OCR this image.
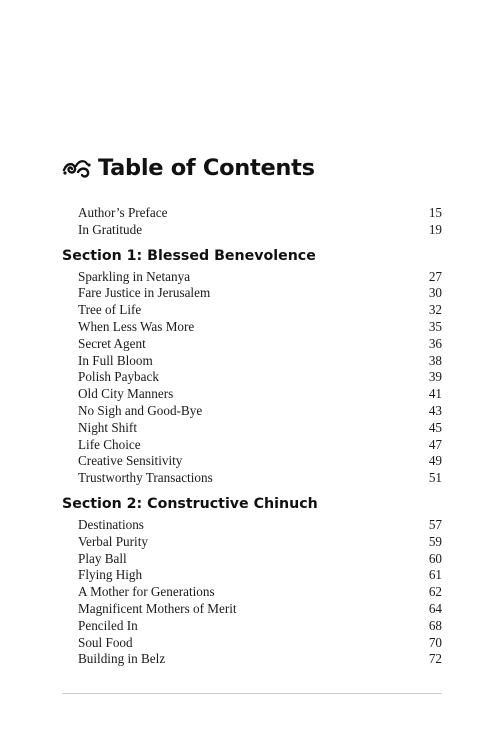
Table of Contents
Author’s Preface	15
In Gratitude	19
Section 1: Blessed Benevolence
Sparkling in Netanya	27
Fare Justice in Jerusalem	30
Tree of Life	32
When Less Was More	35
Secret Agent	36
In Full Bloom	38
Polish Payback	39
Old City Manners	41
No Sigh and Good-Bye	43
Night Shift	45
Life Choice	47
Creative Sensitivity	49
Trustworthy Transactions	51
Section 2: Constructive Chinuch
Destinations	57
Verbal Purity	59
Play Ball	60
Flying High	61
A Mother for Generations	62
Magnificent Mothers of Merit	64
Penciled In	68
Soul Food	70
Building in Belz	72
